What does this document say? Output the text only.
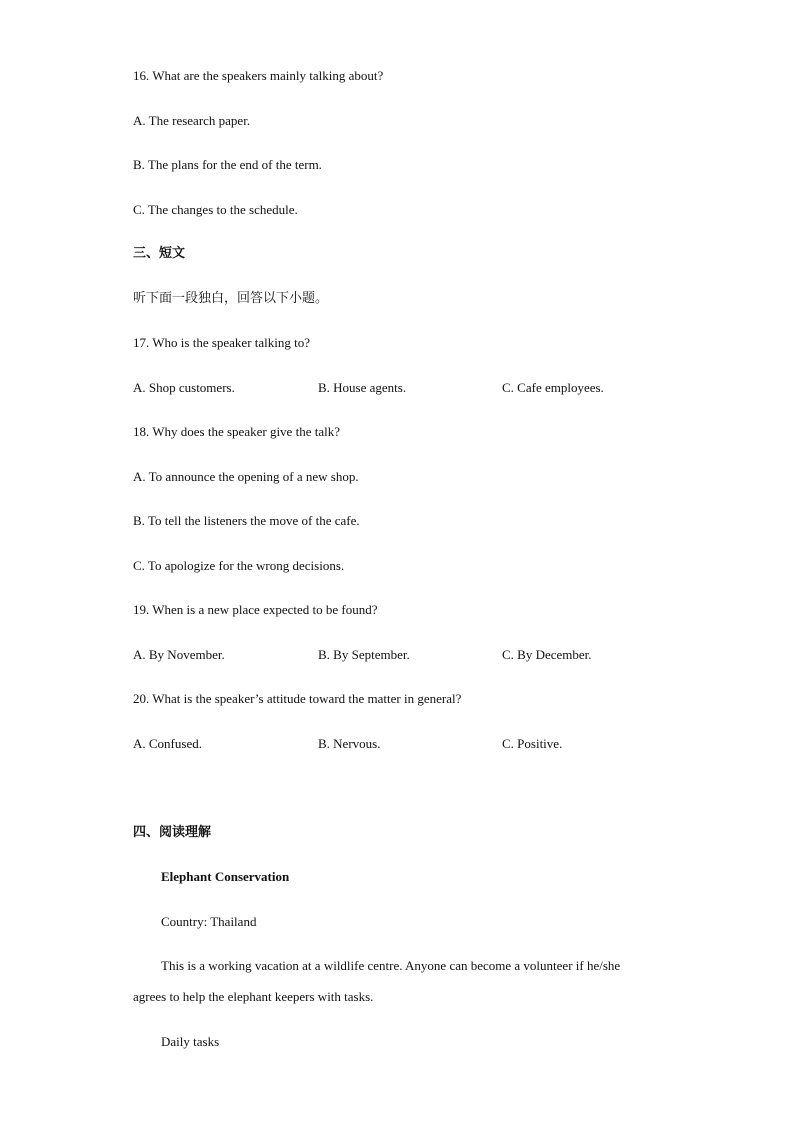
16. What are the speakers mainly talking about?
A. The research paper.
B. The plans for the end of the term.
C. The changes to the schedule.
三、短文
听下面一段独白，回答以下小题。
17. Who is the speaker talking to?
A. Shop customers.	B. House agents.	C. Cafe employees.
18. Why does the speaker give the talk?
A. To announce the opening of a new shop.
B. To tell the listeners the move of the cafe.
C. To apologize for the wrong decisions.
19. When is a new place expected to be found?
A. By November.	B. By September.	C. By December.
20. What is the speaker’s attitude toward the matter in general?
A. Confused.	B. Nervous.	C. Positive.
四、阅读理解
Elephant Conservation
Country: Thailand
This is a working vacation at a wildlife centre. Anyone can become a volunteer if he/she
agrees to help the elephant keepers with tasks.
Daily tasks
